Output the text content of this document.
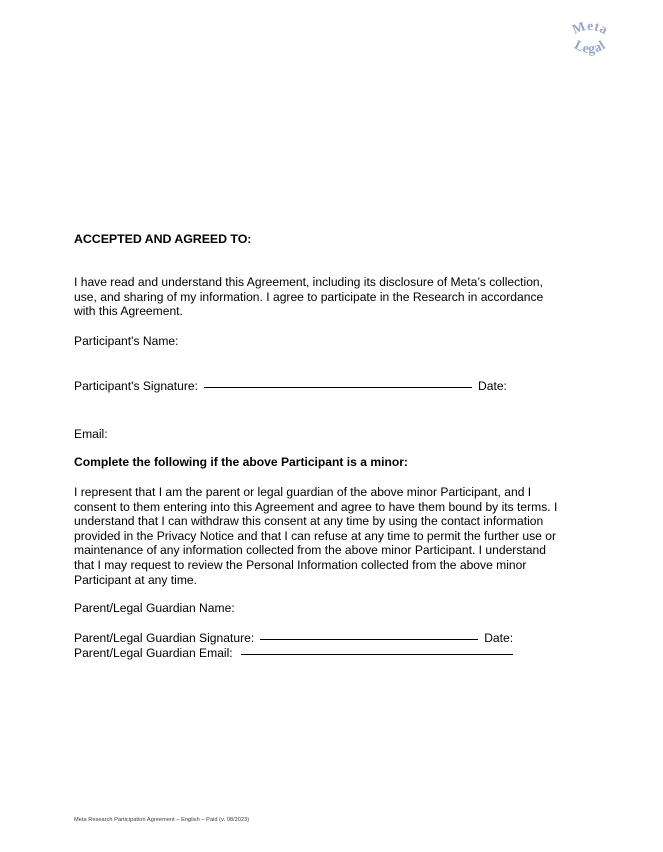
Meta
Legal
ACCEPTED AND AGREED TO:
I have read and understand this Agreement, including its disclosure of Meta’s collection, use, and sharing of my information. I agree to participate in the Research in accordance with this Agreement.
Participant's Name:
Participant's Signature:	Date:
Email:
Complete the following if the above Participant is a minor:
I represent that I am the parent or legal guardian of the above minor Participant, and I consent to them entering into this Agreement and agree to have them bound by its terms. I understand that I can withdraw this consent at any time by using the contact information provided in the Privacy Notice and that I can refuse at any time to permit the further use or maintenance of any information collected from the above minor Participant. I understand that I may request to review the Personal Information collected from the above minor Participant at any time.
Parent/Legal Guardian Name:
Parent/Legal Guardian Signature:	Date:
Parent/Legal Guardian Email:
Meta Research Participation Agreement – English – Paid (v. 08/2023)
